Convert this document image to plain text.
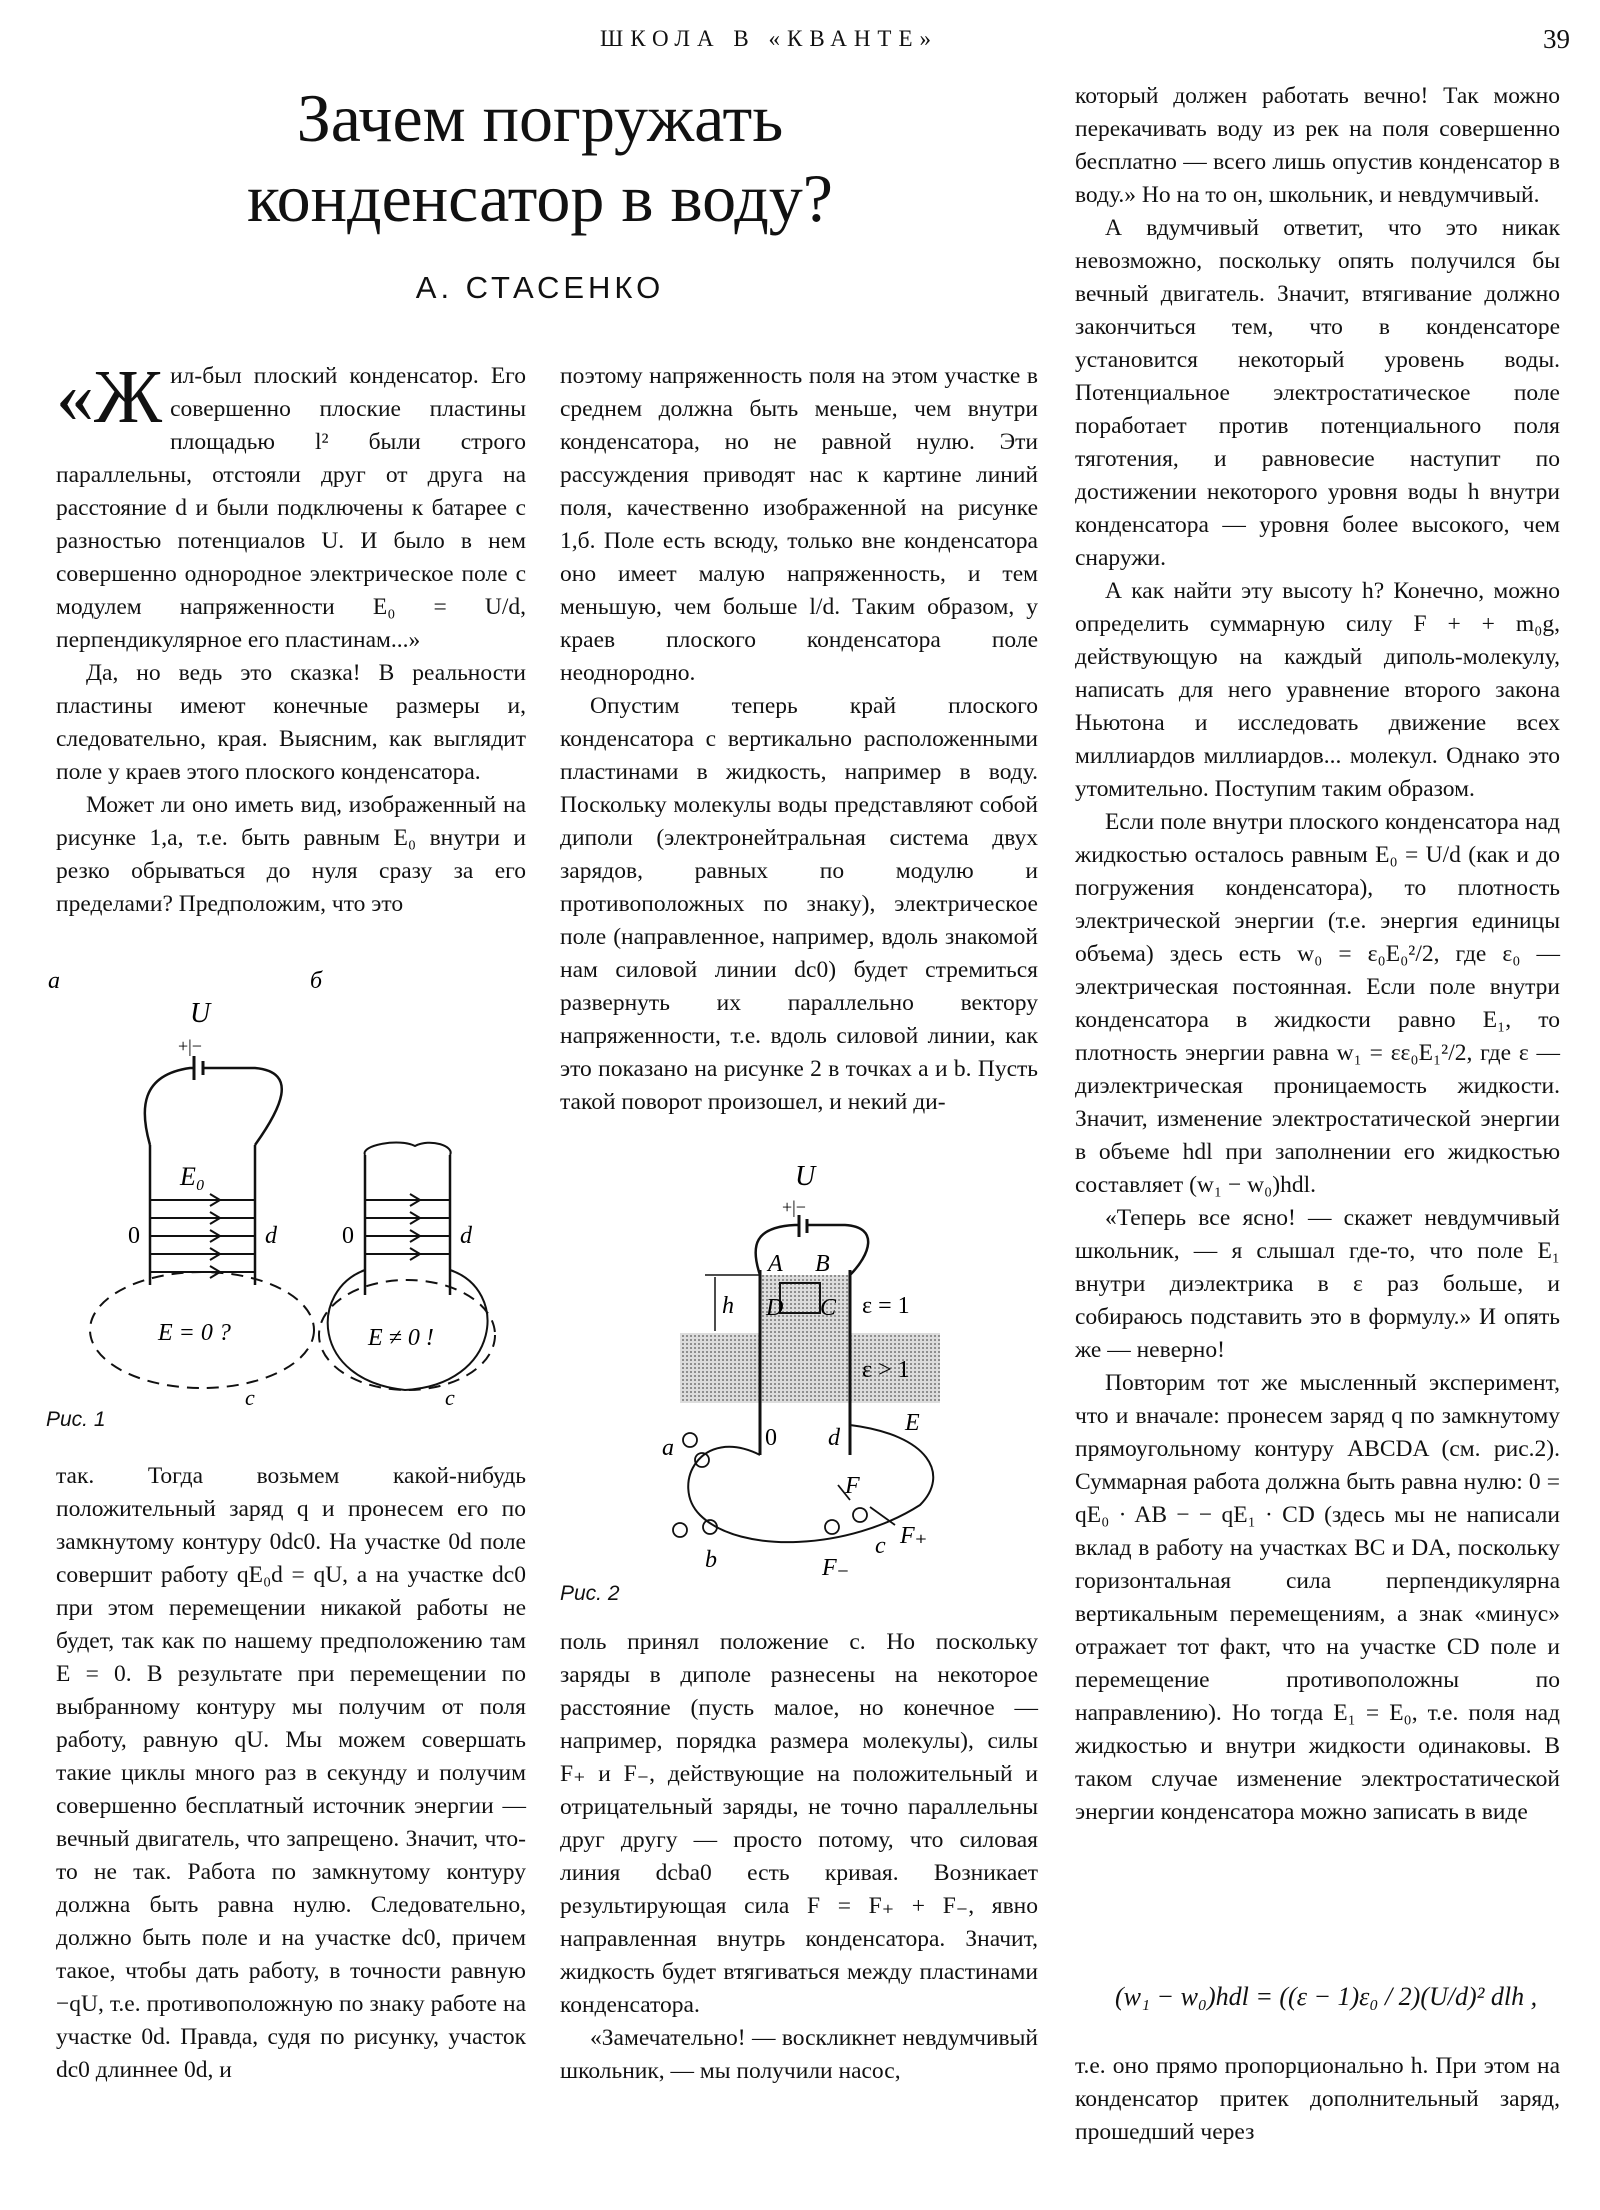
ШКОЛА В «КВАНТЕ»	39
Зачем погружать
конденсатор в воду?
А. СТАСЕНКО

«Жил-был плоский конденсатор. Его совершенно плоские пластины площадью l² были строго параллельны, отстояли друг от друга на расстояние d и были подключены к батарее с разностью потенциалов U. И было в нем совершенно однородное электрическое поле с модулем напряженности E₀ = U/d, перпендикулярное его пластинам...»

Да, но ведь это сказка! В реальности пластины имеют конечные размеры и, следовательно, края. Выясним, как выглядит поле у краев этого плоского конденсатора.

Может ли оно иметь вид, изображенный на рисунке 1,а, т.е. быть равным E₀ внутри и резко обрываться до нуля сразу за его пределами? Предположим, что это

а	б
U
+|−
E₀
0	d
E = 0 ?
c
0	d
E ≠ 0 !
c
Рис. 1

так. Тогда возьмем какой-нибудь положительный заряд q и пронесем его по замкнутому контуру 0dc0. На участке 0d поле совершит работу qE₀d = qU, а на участке dc0 при этом перемещении никакой работы не будет, так как по нашему предположению там E = 0. В результате при перемещении по выбранному контуру мы получим от поля работу, равную qU. Мы можем совершать такие циклы много раз в секунду и получим совершенно бесплатный источник энергии — вечный двигатель, что запрещено. Значит, что-то не так. Работа по замкнутому контуру должна быть равна нулю. Следовательно, должно быть поле и на участке dc0, причем такое, чтобы дать работу, в точности равную −qU, т.е. противоположную по знаку работе на участке 0d. Правда, судя по рисунку, участок dc0 длиннее 0d, и

поэтому напряженность поля на этом участке в среднем должна быть меньше, чем внутри конденсатора, но не равной нулю. Эти рассуждения приводят нас к картине линий поля, качественно изображенной на рисунке 1,б. Поле есть всюду, только вне конденсатора оно имеет малую напряженность, и тем меньшую, чем больше l/d. Таким образом, у краев плоского конденсатора поле неоднородно.

Опустим теперь край плоского конденсатора с вертикально расположенными пластинами в жидкость, например в воду. Поскольку молекулы воды представляют собой диполи (электронейтральная система двух зарядов, равных по модулю и противоположных по знаку), электрическое поле (направленное, например, вдоль знакомой нам силовой линии dc0) будет стремиться развернуть их параллельно вектору напряженности, т.е. вдоль силовой линии, как это показано на рисунке 2 в точках a и b. Пусть такой поворот произошел, и некий ди-

U
+|−
h
A B
C
D	ε = 1
ε > 1
0 d
E
a
b
c
F
F₊
F₋
Рис. 2

поль принял положение c. Но поскольку заряды в диполе разнесены на некоторое расстояние (пусть малое, но конечное — например, порядка размера молекулы), силы F₊ и F₋, действующие на положительный и отрицательный заряды, не точно параллельны друг другу — просто потому, что силовая линия dcba0 есть кривая. Возникает результирующая сила F = F₊ + F₋, явно направленная внутрь конденсатора. Значит, жидкость будет втягиваться между пластинами конденсатора.

«Замечательно! — воскликнет невдумчивый школьник, — мы получили насос,

который должен работать вечно! Так можно перекачивать воду из рек на поля совершенно бесплатно — всего лишь опустив конденсатор в воду.» Но на то он, школьник, и невдумчивый.

А вдумчивый ответит, что это никак невозможно, поскольку опять получился бы вечный двигатель. Значит, втягивание должно закончиться тем, что в конденсаторе установится некоторый уровень воды. Потенциальное электростатическое поле поработает против потенциального поля тяготения, и равновесие наступит по достижении некоторого уровня воды h внутри конденсатора — уровня более высокого, чем снаружи.

А как найти эту высоту h? Конечно, можно определить суммарную силу F + + m₀g, действующую на каждый диполь-молекулу, написать для него уравнение второго закона Ньютона и исследовать движение всех миллиардов миллиардов... молекул. Однако это утомительно. Поступим таким образом.

Если поле внутри плоского конденсатора над жидкостью осталось равным E₀ = U/d (как и до погружения конденсатора), то плотность электрической энергии (т.е. энергия единицы объема) здесь есть w₀ = ε₀E₀²/2, где ε₀ — электрическая постоянная. Если поле внутри конденсатора в жидкости равно E₁, то плотность энергии равна w₁ = εε₀E₁²/2, где ε — диэлектрическая проницаемость жидкости. Значит, изменение электростатической энергии в объеме hdl при заполнении его жидкостью составляет (w₁ − w₀)hdl.

«Теперь все ясно! — скажет невдумчивый школьник, — я слышал где-то, что поле E₁ внутри диэлектрика в ε раз больше, и собираюсь подставить это в формулу.» И опять же — неверно!

Повторим тот же мысленный эксперимент, что и вначале: пронесем заряд q по замкнутому прямоугольному контуру ABCDA (см. рис.2). Суммарная работа должна быть равна нулю: 0 = qE₀ · AB − − qE₁ · CD (здесь мы не написали вклад в работу на участках BC и DA, поскольку горизонтальная сила перпендикулярна вертикальным перемещениям, а знак «минус» отражает тот факт, что на участке CD поле и перемещение противоположны по направлению). Но тогда E₁ = E₀, т.е. поля над жидкостью и внутри жидкости одинаковы. В таком случае изменение электростатической энергии конденсатора можно записать в виде

(w₁ − w₀)hdl = ((ε − 1)ε₀ / 2)(U/d)² dlh ,

т.е. оно прямо пропорционально h. При этом на конденсатор притек дополнительный заряд, прошедший через
